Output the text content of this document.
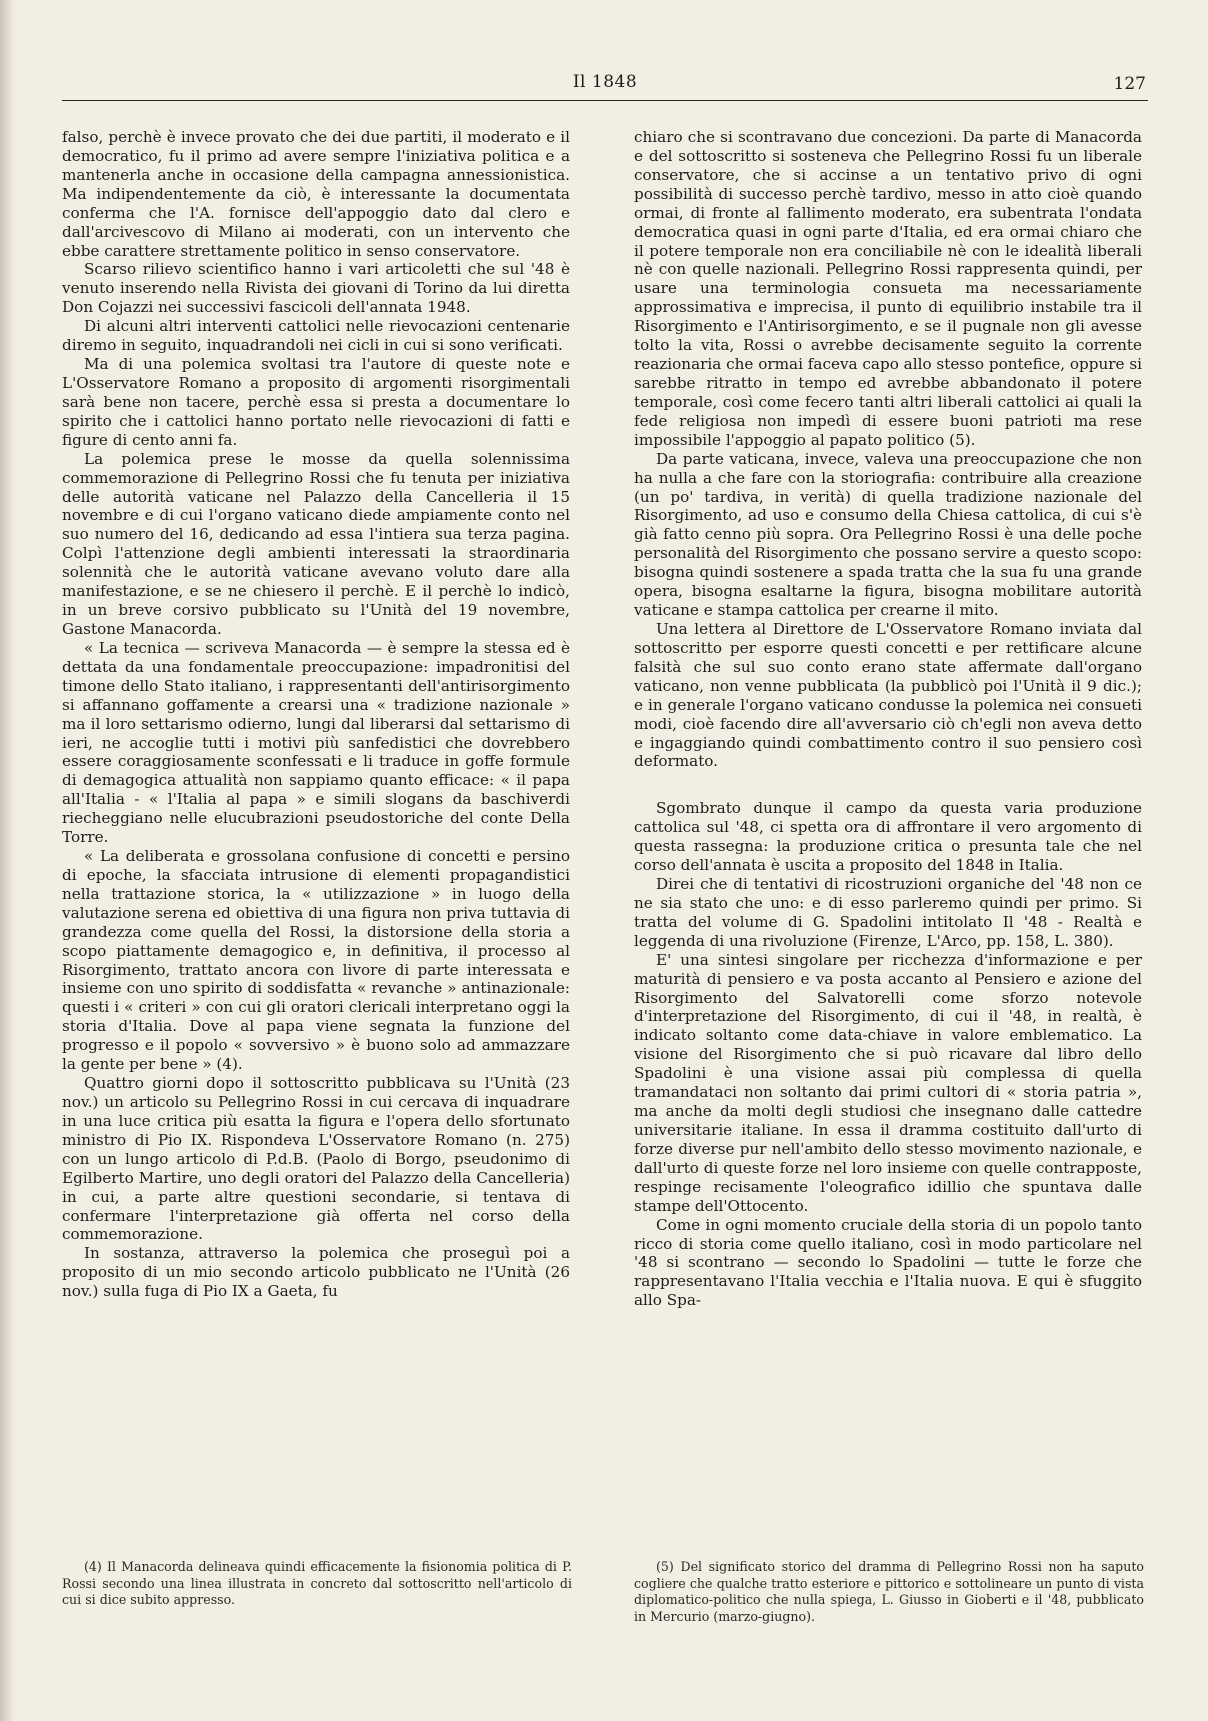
Il 1848	127

falso, perchè è invece provato che dei due partiti, il moderato e il democratico, fu il primo ad avere sempre l'iniziativa politica e a mantenerla anche in occasione della campagna annessionistica. Ma indipendentemente da ciò, è interessante la documentata conferma che l'A. fornisce dell'appoggio dato dal clero e dall'arcivescovo di Milano ai moderati, con un intervento che ebbe carattere strettamente politico in senso conservatore.

Scarso rilievo scientifico hanno i vari articoletti che sul '48 è venuto inserendo nella Rivista dei giovani di Torino da lui diretta Don Cojazzi nei successivi fascicoli dell'annata 1948.

Di alcuni altri interventi cattolici nelle rievocazioni centenarie diremo in seguito, inquadrandoli nei cicli in cui si sono verificati.

Ma di una polemica svoltasi tra l'autore di queste note e L'Osservatore Romano a proposito di argomenti risorgimentali sarà bene non tacere, perchè essa si presta a documentare lo spirito che i cattolici hanno portato nelle rievocazioni di fatti e figure di cento anni fa.

La polemica prese le mosse da quella solennissima commemorazione di Pellegrino Rossi che fu tenuta per iniziativa delle autorità vaticane nel Palazzo della Cancelleria il 15 novembre e di cui l'organo vaticano diede ampiamente conto nel suo numero del 16, dedicando ad essa l'intiera sua terza pagina. Colpì l'attenzione degli ambienti interessati la straordinaria solennità che le autorità vaticane avevano voluto dare alla manifestazione, e se ne chiesero il perchè. E il perchè lo indicò, in un breve corsivo pubblicato su l'Unità del 19 novembre, Gastone Manacorda.

« La tecnica — scriveva Manacorda — è sempre la stessa ed è dettata da una fondamentale preoccupazione: impadronitisi del timone dello Stato italiano, i rappresentanti dell'antirisorgimento si affannano goffamente a crearsi una « tradizione nazionale » ma il loro settarismo odierno, lungi dal liberarsi dal settarismo di ieri, ne accoglie tutti i motivi più sanfedistici che dovrebbero essere coraggiosamente sconfessati e li traduce in goffe formule di demagogica attualità non sappiamo quanto efficace: « il papa all'Italia - « l'Italia al papa » e simili slogans da baschiverdi riecheggiano nelle elucubrazioni pseudostoriche del conte Della Torre.

« La deliberata e grossolana confusione di concetti e persino di epoche, la sfacciata intrusione di elementi propagandistici nella trattazione storica, la « utilizzazione » in luogo della valutazione serena ed obiettiva di una figura non priva tuttavia di grandezza come quella del Rossi, la distorsione della storia a scopo piattamente demagogico e, in definitiva, il processo al Risorgimento, trattato ancora con livore di parte interessata e insieme con uno spirito di soddisfatta « revanche » antinazionale: questi i « criteri » con cui gli oratori clericali interpretano oggi la storia d'Italia. Dove al papa viene segnata la funzione del progresso e il popolo « sovversivo » è buono solo ad ammazzare la gente per bene » (4).

Quattro giorni dopo il sottoscritto pubblicava su l'Unità (23 nov.) un articolo su Pellegrino Rossi in cui cercava di inquadrare in una luce critica più esatta la figura e l'opera dello sfortunato ministro di Pio IX. Rispondeva L'Osservatore Romano (n. 275) con un lungo articolo di P.d.B. (Paolo di Borgo, pseudonimo di Egilberto Martire, uno degli oratori del Palazzo della Cancelleria) in cui, a parte altre questioni secondarie, si tentava di confermare l'interpretazione già offerta nel corso della commemorazione.

In sostanza, attraverso la polemica che proseguì poi a proposito di un mio secondo articolo pubblicato ne l'Unità (26 nov.) sulla fuga di Pio IX a Gaeta, fu

chiaro che si scontravano due concezioni. Da parte di Manacorda e del sottoscritto si sosteneva che Pellegrino Rossi fu un liberale conservatore, che si accinse a un tentativo privo di ogni possibilità di successo perchè tardivo, messo in atto cioè quando ormai, di fronte al fallimento moderato, era subentrata l'ondata democratica quasi in ogni parte d'Italia, ed era ormai chiaro che il potere temporale non era conciliabile nè con le idealità liberali nè con quelle nazionali. Pellegrino Rossi rappresenta quindi, per usare una terminologia consueta ma necessariamente approssimativa e imprecisa, il punto di equilibrio instabile tra il Risorgimento e l'Antirisorgimento, e se il pugnale non gli avesse tolto la vita, Rossi o avrebbe decisamente seguito la corrente reazionaria che ormai faceva capo allo stesso pontefice, oppure si sarebbe ritratto in tempo ed avrebbe abbandonato il potere temporale, così come fecero tanti altri liberali cattolici ai quali la fede religiosa non impedì di essere buoni patrioti ma rese impossibile l'appoggio al papato politico (5).

Da parte vaticana, invece, valeva una preoccupazione che non ha nulla a che fare con la storiografia: contribuire alla creazione (un po' tardiva, in verità) di quella tradizione nazionale del Risorgimento, ad uso e consumo della Chiesa cattolica, di cui s'è già fatto cenno più sopra. Ora Pellegrino Rossi è una delle poche personalità del Risorgimento che possano servire a questo scopo: bisogna quindi sostenere a spada tratta che la sua fu una grande opera, bisogna esaltarne la figura, bisogna mobilitare autorità vaticane e stampa cattolica per crearne il mito.

Una lettera al Direttore de L'Osservatore Romano inviata dal sottoscritto per esporre questi concetti e per rettificare alcune falsità che sul suo conto erano state affermate dall'organo vaticano, non venne pubblicata (la pubblicò poi l'Unità il 9 dic.); e in generale l'organo vaticano condusse la polemica nei consueti modi, cioè facendo dire all'avversario ciò ch'egli non aveva detto e ingaggiando quindi combattimento contro il suo pensiero così deformato.

Sgombrato dunque il campo da questa varia produzione cattolica sul '48, ci spetta ora di affrontare il vero argomento di questa rassegna: la produzione critica o presunta tale che nel corso dell'annata è uscita a proposito del 1848 in Italia.

Direi che di tentativi di ricostruzioni organiche del '48 non ce ne sia stato che uno: e di esso parleremo quindi per primo. Si tratta del volume di G. Spadolini intitolato Il '48 - Realtà e leggenda di una rivoluzione (Firenze, L'Arco, pp. 158, L. 380).

E' una sintesi singolare per ricchezza d'informazione e per maturità di pensiero e va posta accanto al Pensiero e azione del Risorgimento del Salvatorelli come sforzo notevole d'interpretazione del Risorgimento, di cui il '48, in realtà, è indicato soltanto come data-chiave in valore emblematico. La visione del Risorgimento che si può ricavare dal libro dello Spadolini è una visione assai più complessa di quella tramandataci non soltanto dai primi cultori di « storia patria », ma anche da molti degli studiosi che insegnano dalle cattedre universitarie italiane. In essa il dramma costituito dall'urto di forze diverse pur nell'ambito dello stesso movimento nazionale, e dall'urto di queste forze nel loro insieme con quelle contrapposte, respinge recisamente l'oleografico idillio che spuntava dalle stampe dell'Ottocento.

Come in ogni momento cruciale della storia di un popolo tanto ricco di storia come quello italiano, così in modo particolare nel '48 si scontrano — secondo lo Spadolini — tutte le forze che rappresentavano l'Italia vecchia e l'Italia nuova. E qui è sfuggito allo Spa-

(4) Il Manacorda delineava quindi efficacemente la fisionomia politica di P. Rossi secondo una linea illustrata in concreto dal sottoscritto nell'articolo di cui si dice subito appresso.

(5) Del significato storico del dramma di Pellegrino Rossi non ha saputo cogliere che qualche tratto esteriore e pittorico e sottolineare un punto di vista diplomatico-politico che nulla spiega, L. Giusso in Gioberti e il '48, pubblicato in Mercurio (marzo-giugno).
